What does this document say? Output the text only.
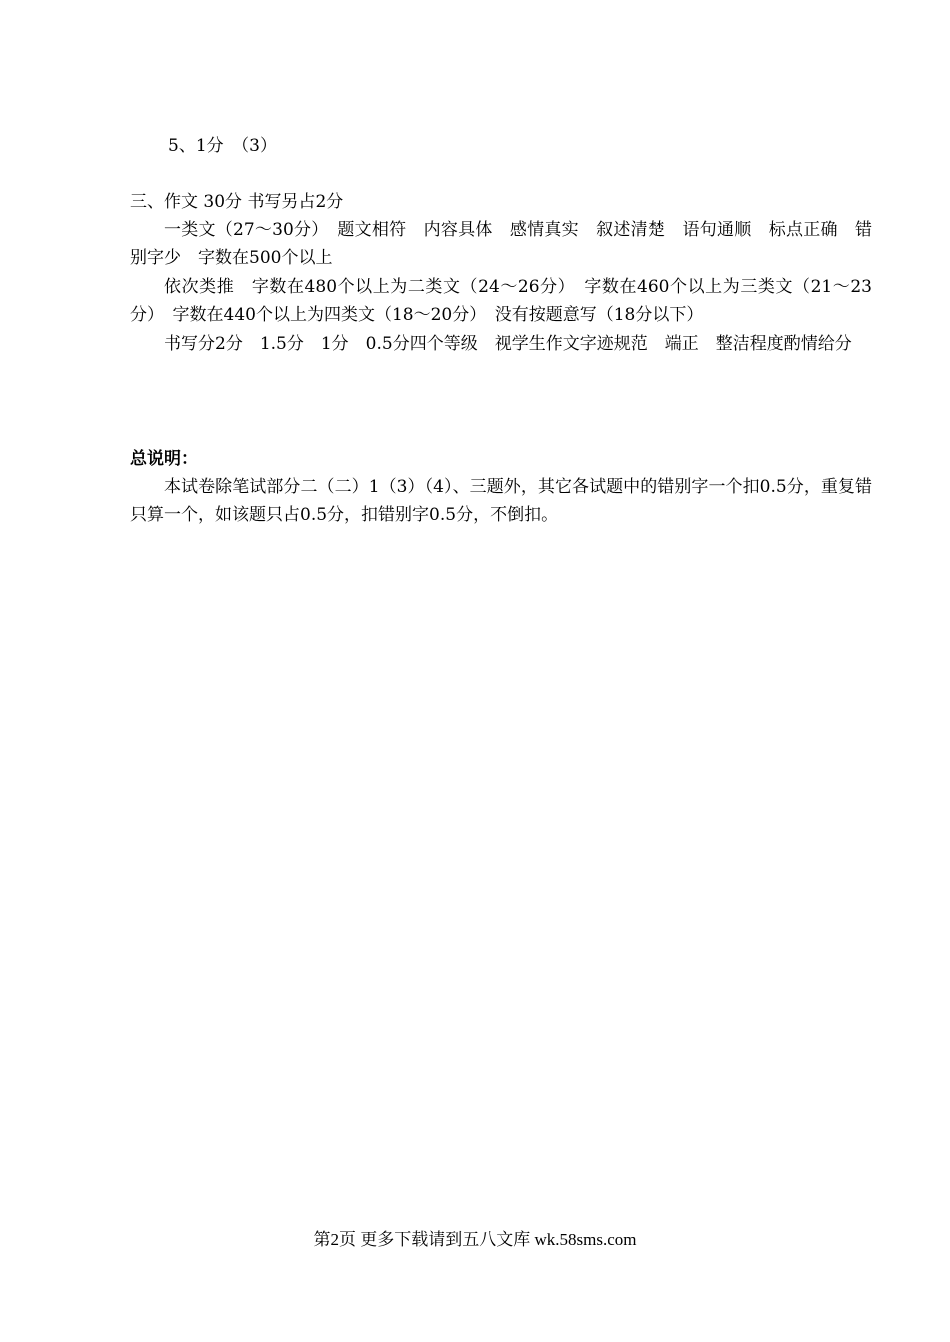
5、1分　（3）
三、作文 30分 书写另占2分
一类文（27～30分）　题文相符　内容具体　感情真实　叙述清楚　语句通顺　标点正确　错别字少　字数在500个以上
依次类推　字数在480个以上为二类文（24～26分）　字数在460个以上为三类文（21～23分）　字数在440个以上为四类文（18～20分）　没有按题意写（18分以下）
书写分2分　1.5分　1分　0.5分四个等级　视学生作文字迹规范　端正　整洁程度酌情给分
总说明：
本试卷除笔试部分二（二）1（3）（4）、三题外，其它各试题中的错别字一个扣0.5分，重复错只算一个，如该题只占0.5分，扣错别字0.5分，不倒扣。
第2页 更多下载请到五八文库 wk.58sms.com
